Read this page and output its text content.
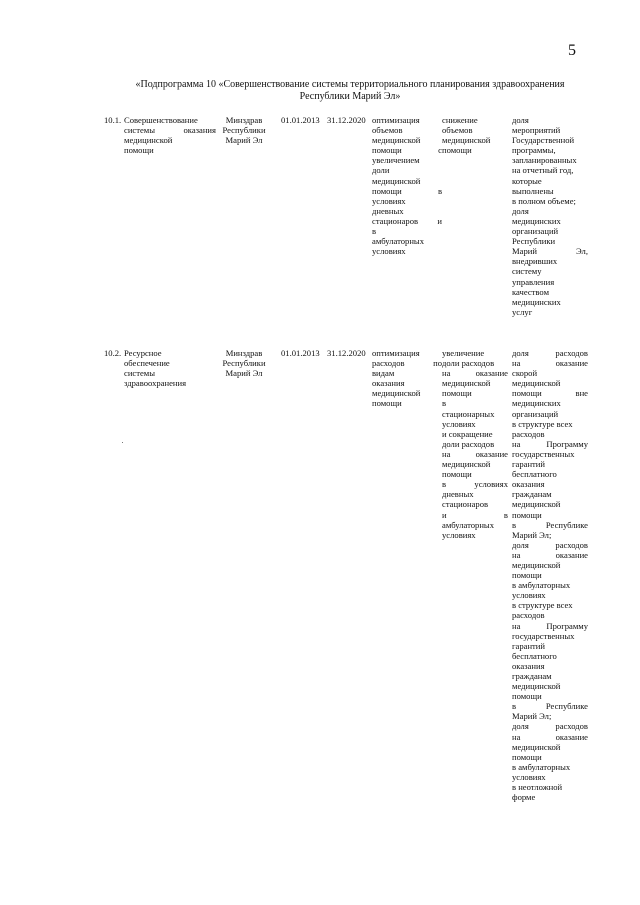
5
«Подпрограмма 10 «Совершенствование системы территориального планирования здравоохранения
Республики Марий Эл»
10.1. Совершенствование
системы оказания
медицинской
помощи
Минздрав
Республики
Марий Эл
01.01.2013 31.12.2020 оптимизация
объемов
медицинской
помощи с
увеличением
доли
медицинской
помощи в
условиях
дневных
стационаров и
в
амбулаторных
условиях
снижение
объемов
медицинской
помощи
доля
мероприятий
Государственной
программы,
запланированных
на отчетный год,
которые
выполнены
в полном объеме;
доля
медицинских
организаций
Республики
Марий Эл,
внедривших
систему
управления
качеством
медицинских
услуг
10.2. Ресурсное
обеспечение
системы
здравоохранения
Минздрав
Республики
Марий Эл
01.01.2013 31.12.2020 оптимизация
расходов по
видам
оказания
медицинской
помощи
увеличение
доли расходов
на оказание
медицинской
помощи
в
стационарных
условиях
и сокращение
доли расходов
на оказание
медицинской
помощи
в условиях
дневных
стационаров
и в
амбулаторных
условиях
доля расходов
на оказание
скорой
медицинской
помощи вне
медицинских
организаций
в структуре всех
расходов
на Программу
государственных
гарантий
бесплатного
оказания
гражданам
медицинской
помощи
в Республике
Марий Эл;
доля расходов
на оказание
медицинской
помощи
в амбулаторных
условиях
в структуре всех
расходов
на Программу
государственных
гарантий
бесплатного
оказания
гражданам
медицинской
помощи
в Республике
Марий Эл;
доля расходов
на оказание
медицинской
помощи
в амбулаторных
условиях
в неотложной
форме
